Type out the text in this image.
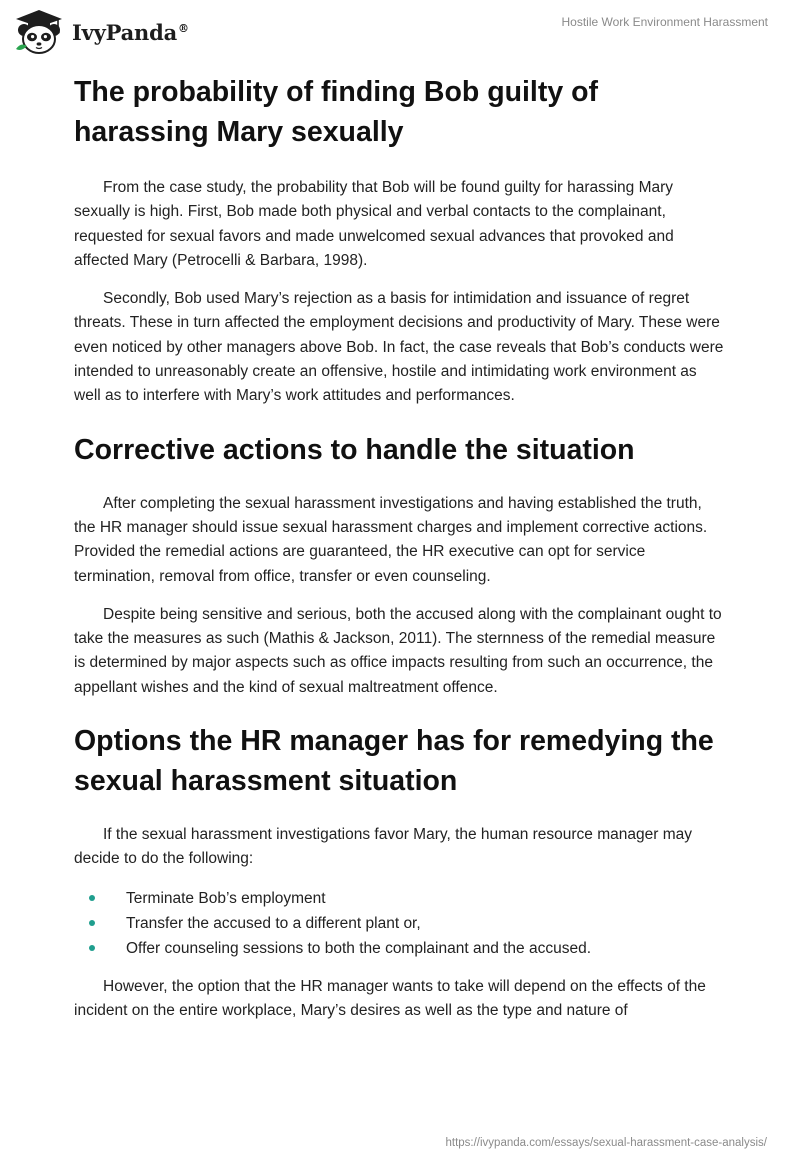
IvyPanda®	Hostile Work Environment Harassment
The probability of finding Bob guilty of harassing Mary sexually

From the case study, the probability that Bob will be found guilty for harassing Mary sexually is high. First, Bob made both physical and verbal contacts to the complainant, requested for sexual favors and made unwelcomed sexual advances that provoked and affected Mary (Petrocelli & Barbara, 1998).

Secondly, Bob used Mary’s rejection as a basis for intimidation and issuance of regret threats. These in turn affected the employment decisions and productivity of Mary. These were even noticed by other managers above Bob. In fact, the case reveals that Bob’s conducts were intended to unreasonably create an offensive, hostile and intimidating work environment as well as to interfere with Mary’s work attitudes and performances.

Corrective actions to handle the situation

After completing the sexual harassment investigations and having established the truth, the HR manager should issue sexual harassment charges and implement corrective actions. Provided the remedial actions are guaranteed, the HR executive can opt for service termination, removal from office, transfer or even counseling.

Despite being sensitive and serious, both the accused along with the complainant ought to take the measures as such (Mathis & Jackson, 2011). The sternness of the remedial measure is determined by major aspects such as office impacts resulting from such an occurrence, the appellant wishes and the kind of sexual maltreatment offence.

Options the HR manager has for remedying the sexual harassment situation

If the sexual harassment investigations favor Mary, the human resource manager may decide to do the following:

Terminate Bob’s employment
Transfer the accused to a different plant or,
Offer counseling sessions to both the complainant and the accused.

However, the option that the HR manager wants to take will depend on the effects of the incident on the entire workplace, Mary’s desires as well as the type and nature of

https://ivypanda.com/essays/sexual-harassment-case-analysis/
